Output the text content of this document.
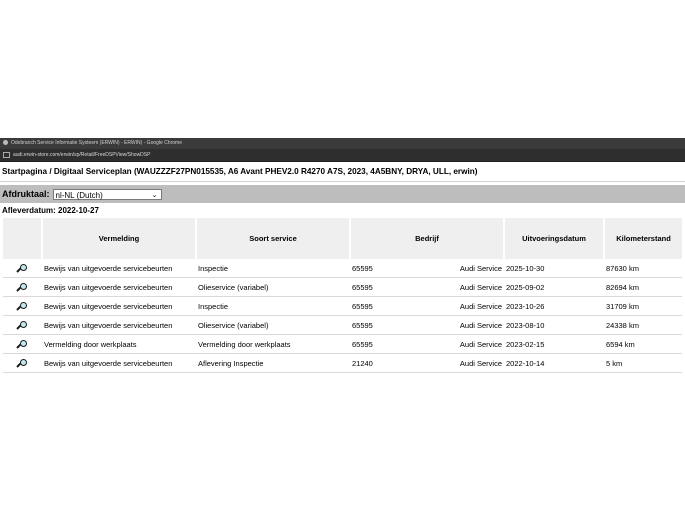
Odebranch Service Informatie Systeem (ERWIN) - ERWIN) - Google Chrome
audi.erwin-store.com/erwin/sp/Retail/FreeDSPView/ShowDSP
Startpagina / Digitaal Serviceplan (WAUZZZF27PN015535, A6 Avant PHEV2.0 R4270 A7S, 2023, 4A5BNY, DRYA, ULL, erwin)
Afdruktaal: nl-NL (Dutch)	⌄
Afleverdatum: 2022-10-27
	Vermelding	Soort service	Bedrijf	Uitvoeringsdatum	Kilometerstand

	Bewijs van uitgevoerde servicebeurten	Inspectie	65595 Audi Service	2025-10-30	87630 km

	Bewijs van uitgevoerde servicebeurten	Olieservice (variabel)	65595 Audi Service	2025-09-02	82694 km

	Bewijs van uitgevoerde servicebeurten	Inspectie	65595 Audi Service	2023-10-26	31709 km

	Bewijs van uitgevoerde servicebeurten	Olieservice (variabel)	65595 Audi Service	2023-08-10	24338 km

	Vermelding door werkplaats	Vermelding door werkplaats	65595 Audi Service	2023-02-15	6594 km

	Bewijs van uitgevoerde servicebeurten	Aflevering Inspectie	21240 Audi Service	2022-10-14	5 km
